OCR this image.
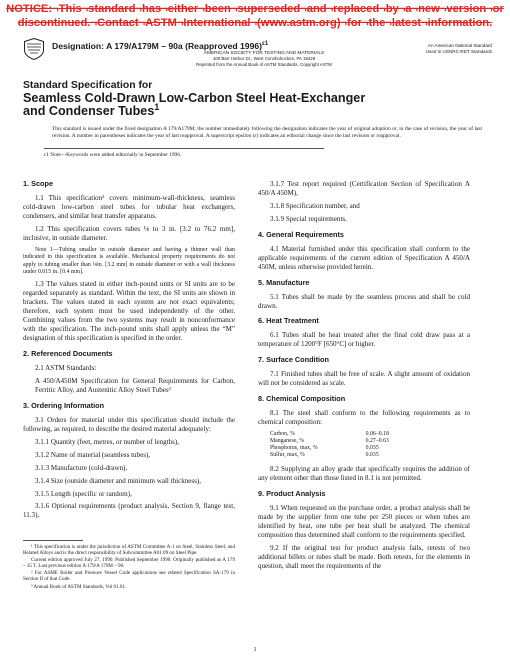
NOTICE:¬This¬standard¬has¬either¬been¬superseded¬and¬replaced¬by¬a¬new¬version¬or
discontinued.¬Contact¬ASTM¬International¬(www.astm.org)¬for¬the¬latest¬information.
Designation: A 179/A179M – 90a (Reapproved 1996)$^{\varepsilon 1}$
AMERICAN SOCIETY FOR TESTING AND MATERIALS
100 Barr Harbor Dr., West Conshohocken, PA 19428
Reprinted from the Annual Book of ASTM Standards. Copyright ASTM
An American National Standard
Used in USNRC-RDT Standards
Standard Specification for
Seamless Cold-Drawn Low-Carbon Steel Heat-Exchanger
and Condenser Tubes$^1$
This standard is issued under the fixed designation A 179/A179M; the number immediately following the designation indicates the year of original adoption or, in the case of revision, the year of last revision. A number in parentheses indicates the year of last reapproval. A superscript epsilon (ε) indicates an editorial change since the last revision or reapproval.
ε1 Note—Keywords were added editorially in September 1996.
1. Scope

1.1 This specification² covers minimum-wall-thickness, seamless cold-drawn low-carbon steel tubes for tubular heat exchangers, condensers, and similar heat transfer apparatus.

1.2 This specification covers tubes ⅛ to 3 in. [3.2 to 76.2 mm], inclusive, in outside diameter.

Note 1—Tubing smaller in outside diameter and having a thinner wall than indicated in this specification is available. Mechanical property requirements do not apply to tubing smaller than ⅛in. [3.2 mm] in outside diameter or with a wall thickness under 0.015 in. [0.4 mm].

1.3 The values stated in either inch-pound units or SI units are to be regarded separately as standard. Within the text, the SI units are shown in brackets. The values stated in each system are not exact equivalents; therefore, each system must be used independently of the other. Combining values from the two systems may result in nonconformance with the specification. The inch-pound units shall apply unless the “M” designation of this specification is specified in the order.

2. Referenced Documents

2.1 ASTM Standards:

A 450/A450M Specification for General Requirements for Carbon, Ferritic Alloy, and Austenitic Alloy Steel Tubes³

3. Ordering Information

3.1 Orders for material under this specification should include the following, as required, to describe the desired material adequately:

3.1.1 Quantity (feet, metres, or number of lengths),

3.1.2 Name of material (seamless tubes),

3.1.3 Manufacture (cold-drawn),

3.1.4 Size (outside diameter and minimum wall thickness),

3.1.5 Length (specific or random),

3.1.6 Optional requirements (product analysis, Section 9, flange test, 11.3),

3.1.7 Test report required (Certification Section of Specification A 450/A 450M),

3.1.8 Specification number, and

3.1.9 Special requirements.

4. General Requirements

4.1 Material furnished under this specification shall conform to the applicable requirements of the current edition of Specification A 450/A 450M, unless otherwise provided herein.

5. Manufacture

5.1 Tubes shall be made by the seamless process and shall be cold drawn.

6. Heat Treatment

6.1 Tubes shall be heat treated after the final cold draw pass at a temperature of 1200°F [650°C] or higher.

7. Surface Condition

7.1 Finished tubes shall be free of scale. A slight amount of oxidation will not be considered as scale.

8. Chemical Composition

8.1 The steel shall conform to the following requirements as to chemical composition:

Carbon, %	0.06–0.18
Manganese, %	0.27–0.63
Phosphorus, max, %	0.035
Sulfur, max, %	0.035

8.2 Supplying an alloy grade that specifically requires the addition of any element other than those listed in 8.1 is not permitted.

9. Product Analysis

9.1 When requested on the purchase order, a product analysis shall be made by the supplier from one tube per 250 pieces or when tubes are identified by heat, one tube per heat shall be analyzed. The chemical composition thus determined shall conform to the requirements specified.

9.2 If the original test for product analysis fails, retests of two additional billets or tubes shall be made. Both retests, for the elements in question, shall meet the requirements of the

¹ This specification is under the jurisdiction of ASTM Committee A-1 on Steel, Stainless Steel, and Related Alloys and is the direct responsibility of Subcommittee A01.09 on Steel Pipe.

Current edition approved July 27, 1990. Published September 1990. Originally published as A 179 – 35 T. Last previous edition A 179/A 179M – 90.

² For ASME Boiler and Pressure Vessel Code applications see related Specification SA-179 in Section II of that Code.

³ Annual Book of ASTM Standards, Vol 01.01.

1
